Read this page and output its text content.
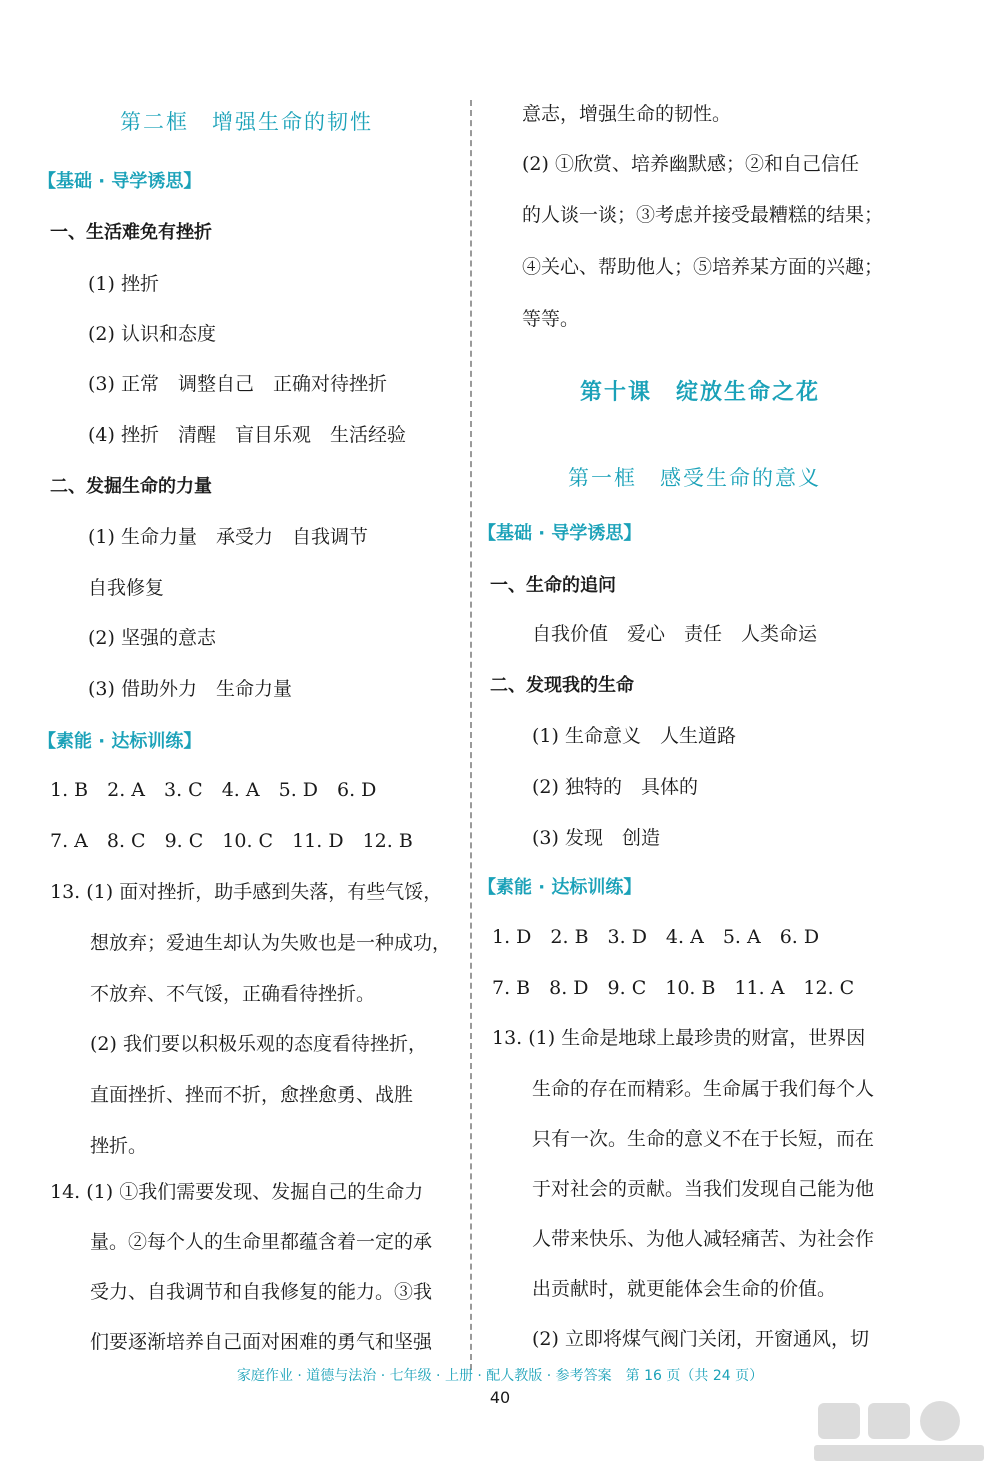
第二框　增强生命的韧性
【基础 · 导学诱思】
一、生活难免有挫折
(1) 挫折
(2) 认识和态度
(3) 正常　调整自己　正确对待挫折
(4) 挫折　清醒　盲目乐观　生活经验
二、发掘生命的力量
(1) 生命力量　承受力　自我调节
自我修复
(2) 坚强的意志
(3) 借助外力　生命力量
【素能 · 达标训练】
1. B　2. A　3. C　4. A　5. D　6. D
7. A　8. C　9. C　10. C　11. D　12. B
13. (1) 面对挫折，助手感到失落，有些气馁，
想放弃；爱迪生却认为失败也是一种成功，
不放弃、不气馁，正确看待挫折。
(2) 我们要以积极乐观的态度看待挫折，
直面挫折、挫而不折，愈挫愈勇、战胜
挫折。
14. (1) ①我们需要发现、发掘自己的生命力
量。②每个人的生命里都蕴含着一定的承
受力、自我调节和自我修复的能力。③我
们要逐渐培养自己面对困难的勇气和坚强
意志，增强生命的韧性。
(2) ①欣赏、培养幽默感；②和自己信任
的人谈一谈；③考虑并接受最糟糕的结果；
④关心、帮助他人；⑤培养某方面的兴趣；
等等。
第十课　绽放生命之花
第一框　感受生命的意义
【基础 · 导学诱思】
一、生命的追问
自我价值　爱心　责任　人类命运
二、发现我的生命
(1) 生命意义　人生道路
(2) 独特的　具体的
(3) 发现　创造
【素能 · 达标训练】
1. D　2. B　3. D　4. A　5. A　6. D
7. B　8. D　9. C　10. B　11. A　12. C
13. (1) 生命是地球上最珍贵的财富，世界因
生命的存在而精彩。生命属于我们每个人
只有一次。生命的意义不在于长短，而在
于对社会的贡献。当我们发现自己能为他
人带来快乐、为他人减轻痛苦、为社会作
出贡献时，就更能体会生命的价值。
(2) 立即将煤气阀门关闭，开窗通风，切
家庭作业 · 道德与法治 · 七年级 · 上册 · 配人教版 · 参考答案　第 16 页（共 24 页）
40
